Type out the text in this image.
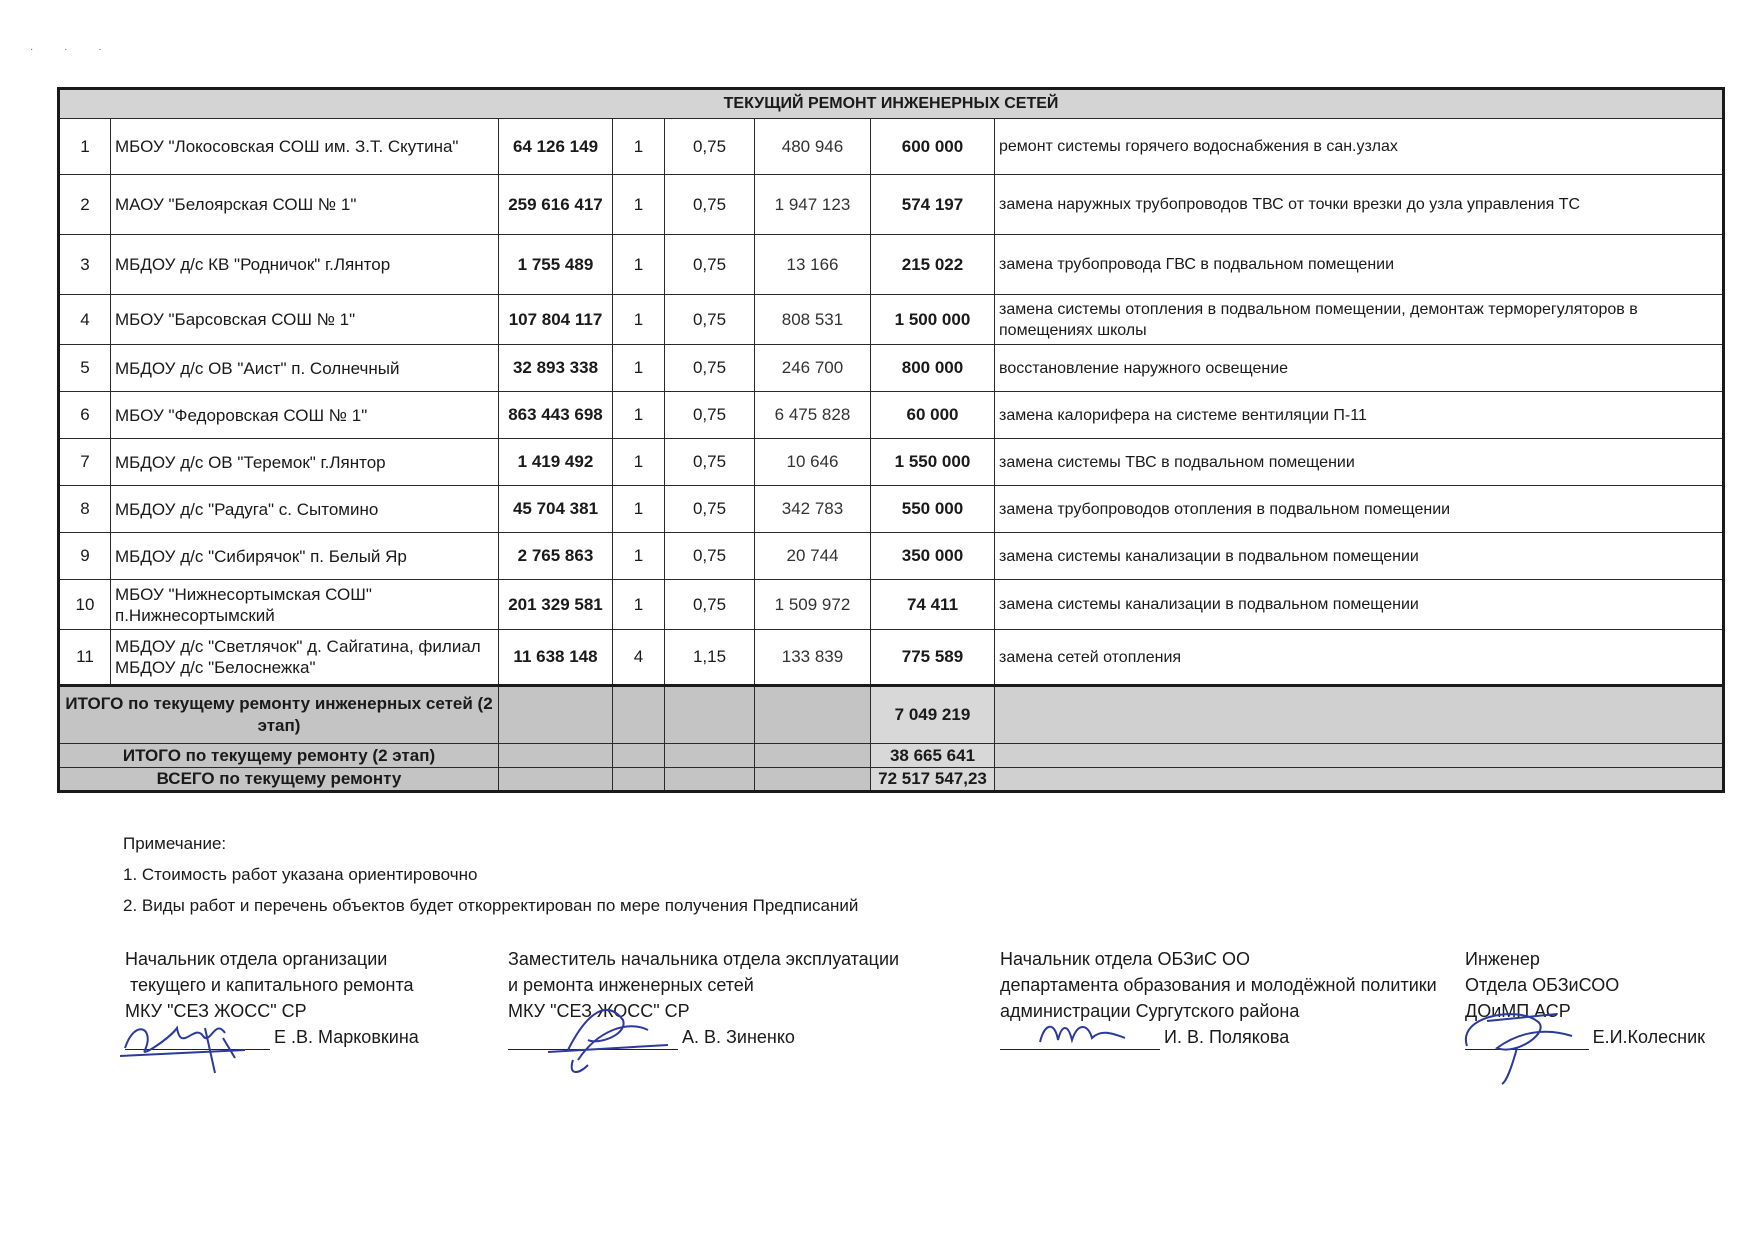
· · ·
ТЕКУЩИЙ РЕМОНТ ИНЖЕНЕРНЫХ СЕТЕЙ							
1	МБОУ "Локосовская СОШ им. З.Т. Скутина"	64 126 149	1	0,75	480 946	600 000	ремонт системы горячего водоснабжения в сан.узлах
2	МАОУ "Белоярская СОШ № 1"	259 616 417	1	0,75	1 947 123	574 197	замена наружных трубопроводов ТВС от точки врезки до узла управления ТС
3	МБДОУ д/с КВ "Родничок" г.Лянтор	1 755 489	1	0,75	13 166	215 022	замена трубопровода ГВС в подвальном помещении
4	МБОУ "Барсовская СОШ № 1"	107 804 117	1	0,75	808 531	1 500 000	замена системы отопления в подвальном помещении, демонтаж терморегуляторов в помещениях школы
5	МБДОУ д/с ОВ "Аист" п. Солнечный	32 893 338	1	0,75	246 700	800 000	восстановление наружного освещение
6	МБОУ "Федоровская СОШ № 1"	863 443 698	1	0,75	6 475 828	60 000	замена калорифера на системе вентиляции П-11
7	МБДОУ д/с ОВ "Теремок" г.Лянтор	1 419 492	1	0,75	10 646	1 550 000	замена системы ТВС в подвальном помещении
8	МБДОУ д/с "Радуга" с. Сытомино	45 704 381	1	0,75	342 783	550 000	замена трубопроводов отопления в подвальном помещении
9	МБДОУ д/с "Сибирячок" п. Белый Яр	2 765 863	1	0,75	20 744	350 000	замена системы канализации в подвальном помещении
10	МБОУ "Нижнесортымская СОШ" п.Нижнесортымский	201 329 581	1	0,75	1 509 972	74 411	замена системы канализации в подвальном помещении
11	МБДОУ д/с "Светлячок" д. Сайгатина, филиал МБДОУ д/с "Белоснежка"	11 638 148	4	1,15	133 839	775 589	замена сетей отопления
ИТОГО по текущему ремонту инженерных сетей (2 этап)						7 049 219	
ИТОГО по текущему ремонту (2 этап)						38 665 641	
ВСЕГО по текущему ремонту						72 517 547,23	
Примечание:
1. Стоимость работ указана ориентировочно
2. Виды работ и перечень объектов будет откорректирован по мере получения Предписаний
Начальник отдела организации
текущего и капитального ремонта
МКУ "СЕЗ ЖОСС" СР
Е .В. Марковкина
Заместитель начальника отдела эксплуатации
и ремонта инженерных сетей
МКУ "СЕЗ ЖОСС" СР
А. В. Зиненко
Начальник отдела ОБЗиС ОО
департамента образования и молодёжной политики
администрации Сургутского района
И. В. Полякова
Инженер
Отдела ОБЗиСОО
ДОиМП АСР
Е.И.Колесник
